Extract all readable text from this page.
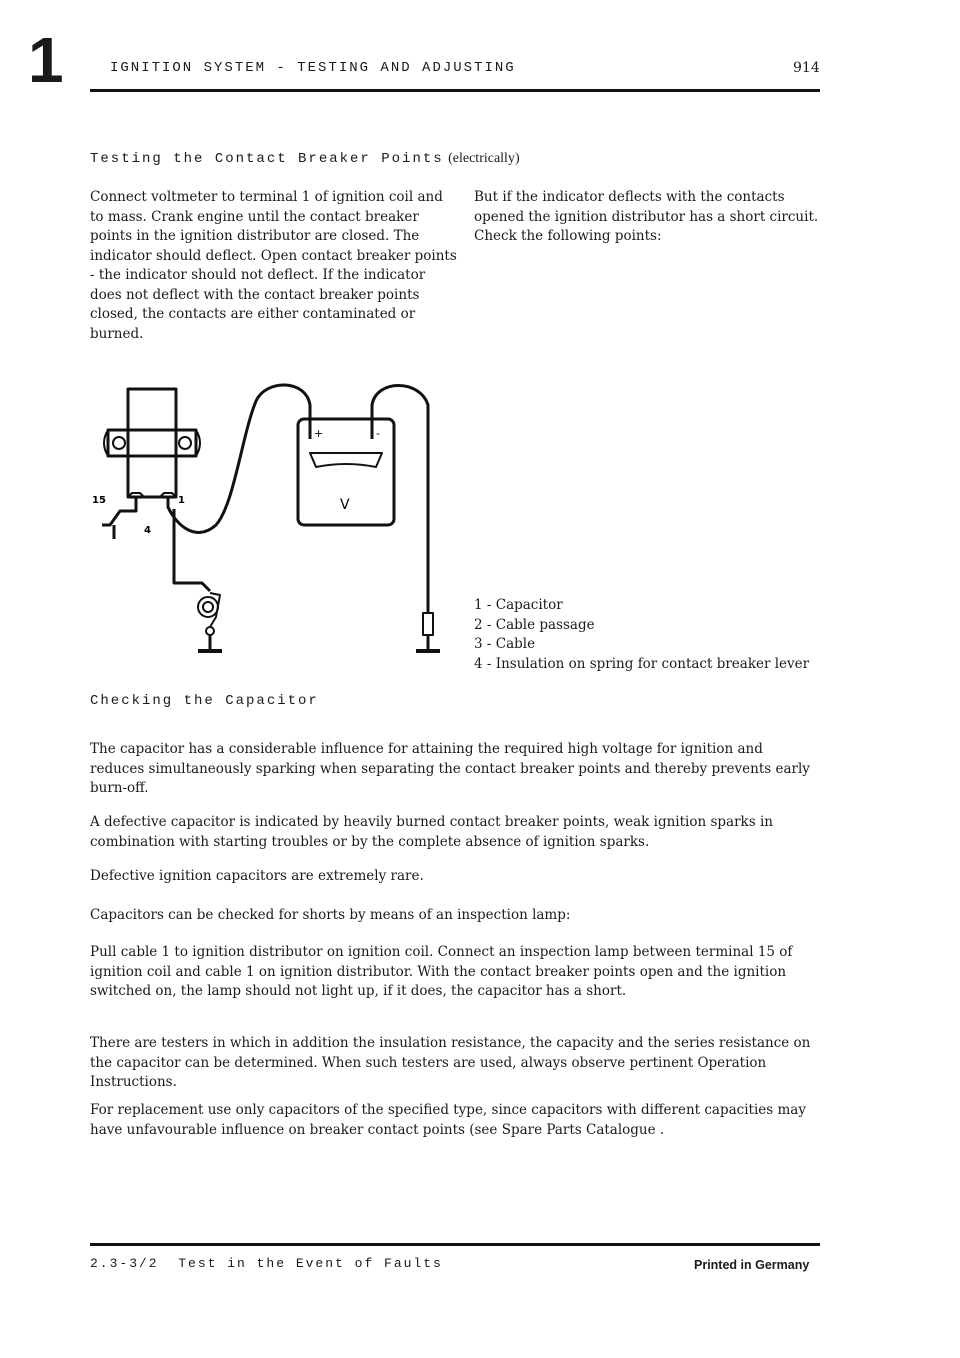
1	IGNITION SYSTEM - TESTING AND ADJUSTING	914
Testing the Contact Breaker Points (electrically)
Connect voltmeter to terminal 1 of ignition coil and to mass. Crank engine until the contact breaker points in the ignition distributor are closed. The indicator should deflect. Open contact breaker points - the indicator should not deflect. If the indicator does not deflect with the contact breaker points closed, the contacts are either contaminated or burned.
But if the indicator deflects with the contacts opened the ignition distributor has a short circuit. Check the following points:
15	1
4
+	-
V
1 - Capacitor
2 - Cable passage
3 - Cable
4 - Insulation on spring for contact breaker lever
Checking the Capacitor
The capacitor has a considerable influence for attaining the required high voltage for ignition and reduces simultaneously sparking when separating the contact breaker points and thereby prevents early burn-off.
A defective capacitor is indicated by heavily burned contact breaker points, weak ignition sparks in combination with starting troubles or by the complete absence of ignition sparks.
Defective ignition capacitors are extremely rare.
Capacitors can be checked for shorts by means of an inspection lamp:
Pull cable 1 to ignition distributor on ignition coil. Connect an inspection lamp between terminal 15 of ignition coil and cable 1 on ignition distributor. With the contact breaker points open and the ignition switched on, the lamp should not light up, if it does, the capacitor has a short.
There are testers in which in addition the insulation resistance, the capacity and the series resistance on the capacitor can be determined. When such testers are used, always observe pertinent Operation Instructions.
For replacement use only capacitors of the specified type, since capacitors with different capacities may have unfavourable influence on breaker contact points (see Spare Parts Catalogue .
2.3-3/2 Test in the Event of Faults	Printed in Germany
